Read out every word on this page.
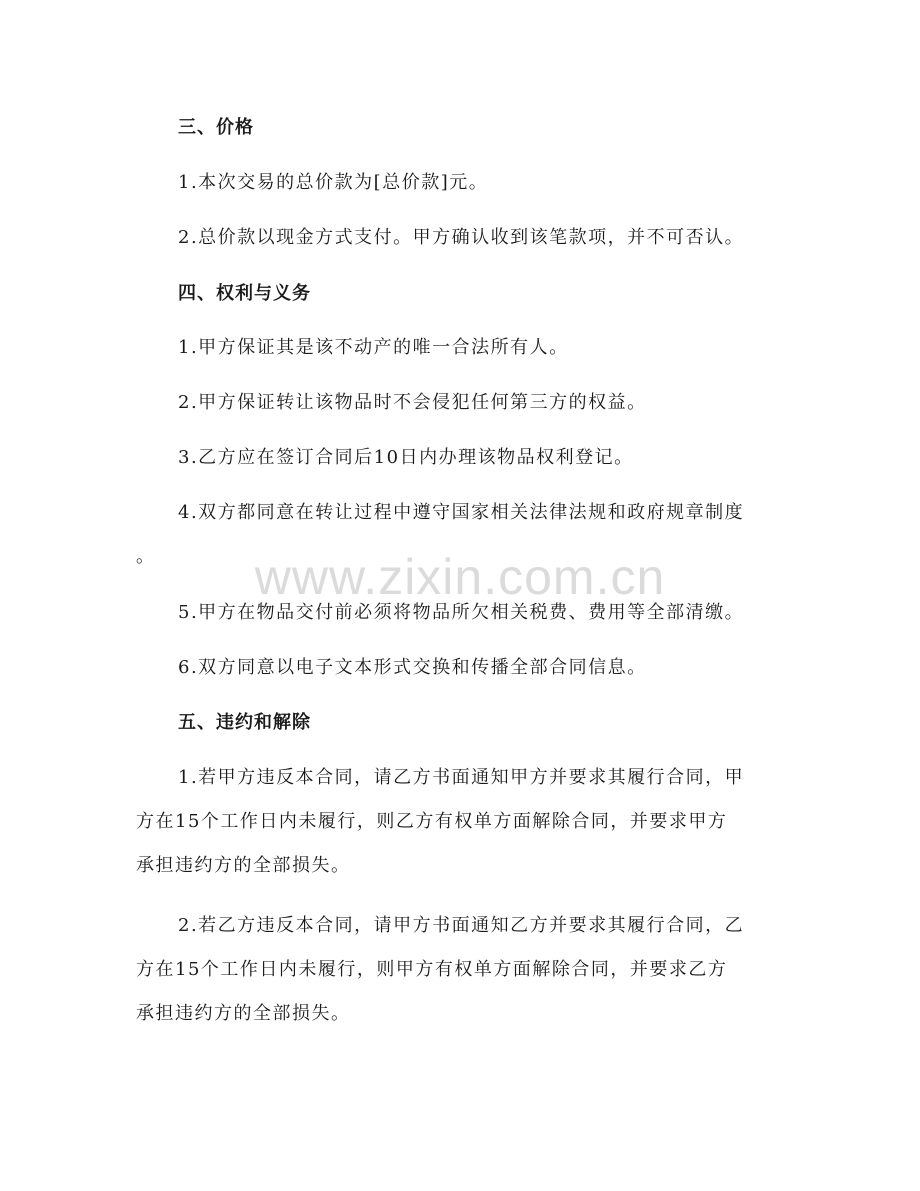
www.zixin.com.cn
三、价格
1.本次交易的总价款为[总价款]元。
2.总价款以现金方式支付。甲方确认收到该笔款项，并不可否认。
四、权利与义务
1.甲方保证其是该不动产的唯一合法所有人。
2.甲方保证转让该物品时不会侵犯任何第三方的权益。
3.乙方应在签订合同后10日内办理该物品权利登记。
4.双方都同意在转让过程中遵守国家相关法律法规和政府规章制度
。
5.甲方在物品交付前必须将物品所欠相关税费、费用等全部清缴。
6.双方同意以电子文本形式交换和传播全部合同信息。
五、违约和解除
1.若甲方违反本合同，请乙方书面通知甲方并要求其履行合同，甲
方在15个工作日内未履行，则乙方有权单方面解除合同，并要求甲方
承担违约方的全部损失。
2.若乙方违反本合同，请甲方书面通知乙方并要求其履行合同，乙
方在15个工作日内未履行，则甲方有权单方面解除合同，并要求乙方
承担违约方的全部损失。
